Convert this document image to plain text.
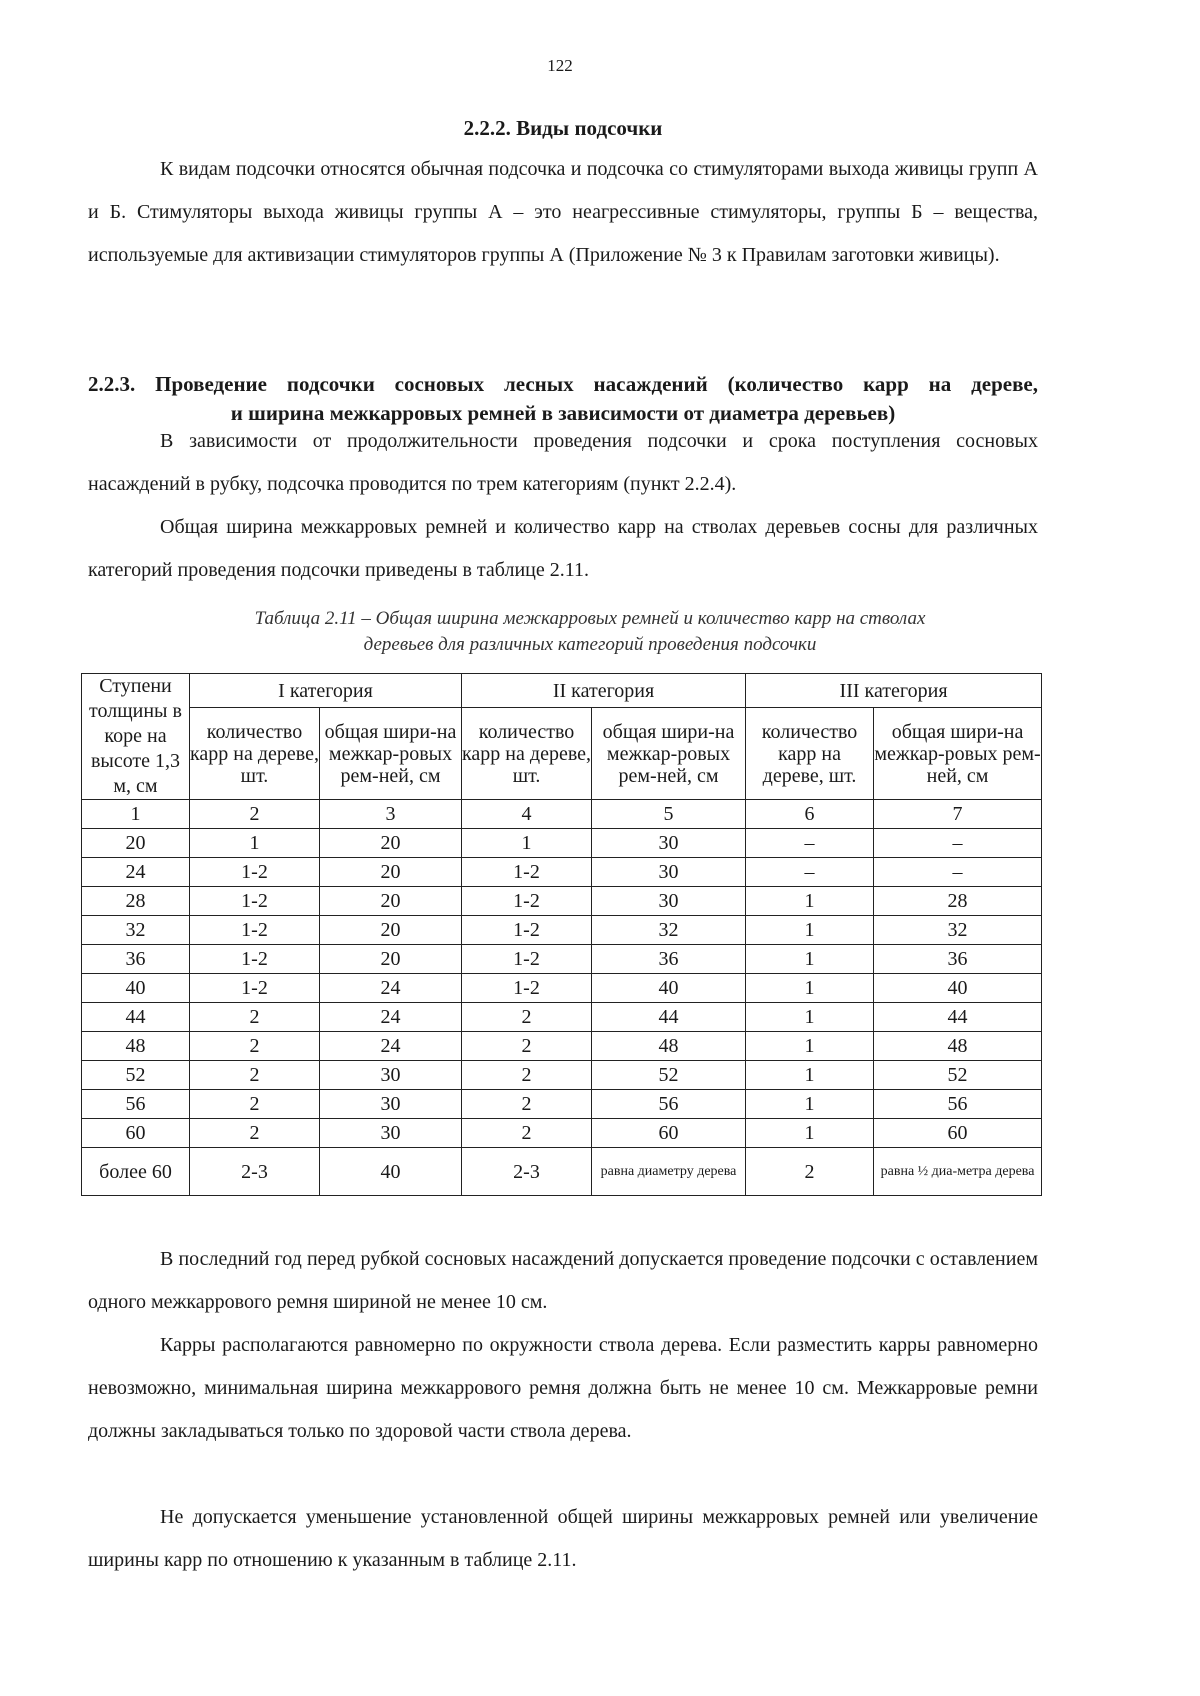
122
2.2.2. Виды подсочки

К видам подсочки относятся обычная подсочка и подсочка со стимуляторами выхода живицы групп А и Б. Стимуляторы выхода живицы группы А – это неагрессивные стимуляторы, группы Б – вещества, используемые для активизации стимуляторов группы А (Приложение № 3 к Правилам заготовки живицы).

2.2.3. Проведение подсочки сосновых лесных насаждений (количество карр на дереве,
и ширина межкарровых ремней в зависимости от диаметра деревьев)

В зависимости от продолжительности проведения подсочки и срока поступления сосновых насаждений в рубку, подсочка проводится по трем категориям (пункт 2.2.4).

Общая ширина межкарровых ремней и количество карр на стволах деревьев сосны для различных категорий проведения подсочки приведены в таблице 2.11.

Таблица 2.11 – Общая ширина межкарровых ремней и количество карр на стволах
деревьев для различных категорий проведения подсочки
Ступени толщины в коре на высоте 1,3 м, см	I категория		II категория		III категория	
	количество карр на дереве, шт.	общая шири-на межкар-ровых рем-ней, см	количество карр на дереве, шт.	общая шири-на межкар-ровых рем-ней, см	количество карр на дереве, шт.	общая шири-на межкар-ровых рем-ней, см
1	2	3	4	5	6	7
20	1	20	1	30	–	–
24	1-2	20	1-2	30	–	–
28	1-2	20	1-2	30	1	28
32	1-2	20	1-2	32	1	32
36	1-2	20	1-2	36	1	36
40	1-2	24	1-2	40	1	40
44	2	24	2	44	1	44
48	2	24	2	48	1	48
52	2	30	2	52	1	52
56	2	30	2	56	1	56
60	2	30	2	60	1	60
более 60	2-3	40	2-3	равна диаметру дерева	2	равна ½ диа-метра дерева

В последний год перед рубкой сосновых насаждений допускается проведение подсочки с оставлением одного межкаррового ремня шириной не менее 10 см.

Карры располагаются равномерно по окружности ствола дерева. Если разместить карры равномерно невозможно, минимальная ширина межкаррового ремня должна быть не менее 10 см. Межкарровые ремни должны закладываться только по здоровой части ствола дерева.

Не допускается уменьшение установленной общей ширины межкарровых ремней или увеличение ширины карр по отношению к указанным в таблице 2.11.
